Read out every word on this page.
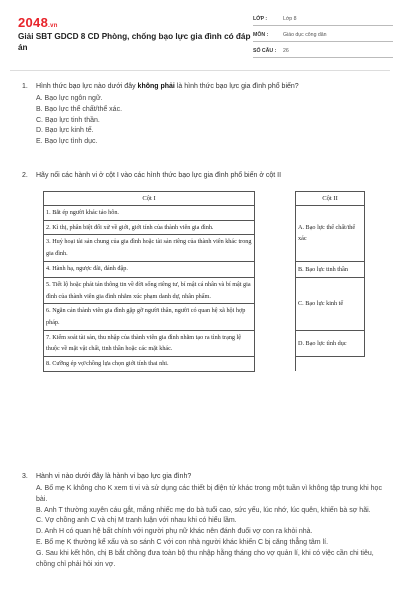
2048.vn
Giải SBT GDCD 8 CD Phòng, chống bạo lực gia đình có đáp án
LỚP :	Lớp 8
MÔN :	Giáo dục công dân
SỐ CÂU : 26
1. Hình thức bạo lực nào dưới đây không phải là hình thức bạo lực gia đình phổ biến?
A. Bạo lực ngôn ngữ.
B. Bạo lực thể chất/thể xác.
C. Bạo lực tinh thần.
D. Bạo lực kinh tế.
E. Bạo lực tình dục.
2. Hãy nối các hành vi ở cột I vào các hình thức bạo lực gia đình phổ biến ở cột II
Cột I		Cột II
1. Bắt ép người khác tảo hôn.		A. Bạo lực thể chất/thể xác
2. Kì thị, phân biệt đối xử về giới, giới tính của thành viên gia đình.		
3. Huỷ hoại tài sản chung của gia đình hoặc tài sản riêng của thành viên khác trong gia đình.		
4. Hành hạ, ngược đãi, đánh đập.		B. Bạo lực tinh thần
5. Tiết lộ hoặc phát tán thông tin về đời sống riêng tư, bí mật cá nhân và bí mật gia đình của thành viên gia đình nhằm xúc phạm danh dự, nhân phẩm.		C. Bạo lực kinh tế
6. Ngăn cản thành viên gia đình gặp gỡ người thân, người có quan hệ xã hội hợp pháp.		
7. Kiểm soát tài sản, thu nhập của thành viên gia đình nhằm tạo ra tình trạng lệ thuộc về mặt vật chất, tinh thần hoặc các mặt khác.		D. Bạo lực tình dục
8. Cưỡng ép vợ/chồng lựa chọn giới tính thai nhi.		
3. Hành vi nào dưới đây là hành vi bạo lực gia đình?
A. Bố mẹ K không cho K xem ti vi và sử dụng các thiết bị điện tử khác trong một tuần vì không tập trung khi học bài.
B. Anh T thường xuyên cáu gắt, mắng nhiếc mẹ do bà tuổi cao, sức yếu, lúc nhớ, lúc quên, khiến bà sợ hãi.
C. Vợ chồng anh C và chị M tranh luận với nhau khi có hiểu lầm.
D. Anh H có quan hệ bất chính với người phụ nữ khác nên đánh đuổi vợ con ra khỏi nhà.
E. Bố mẹ K thường kể xấu và so sánh C với con nhà người khác khiến C bị căng thẳng tâm lí.
G. Sau khi kết hôn, chị B bắt chồng đưa toàn bộ thu nhập hằng tháng cho vợ quản lí, khi có việc cần chi tiêu, chồng chỉ phải hỏi xin vợ.
